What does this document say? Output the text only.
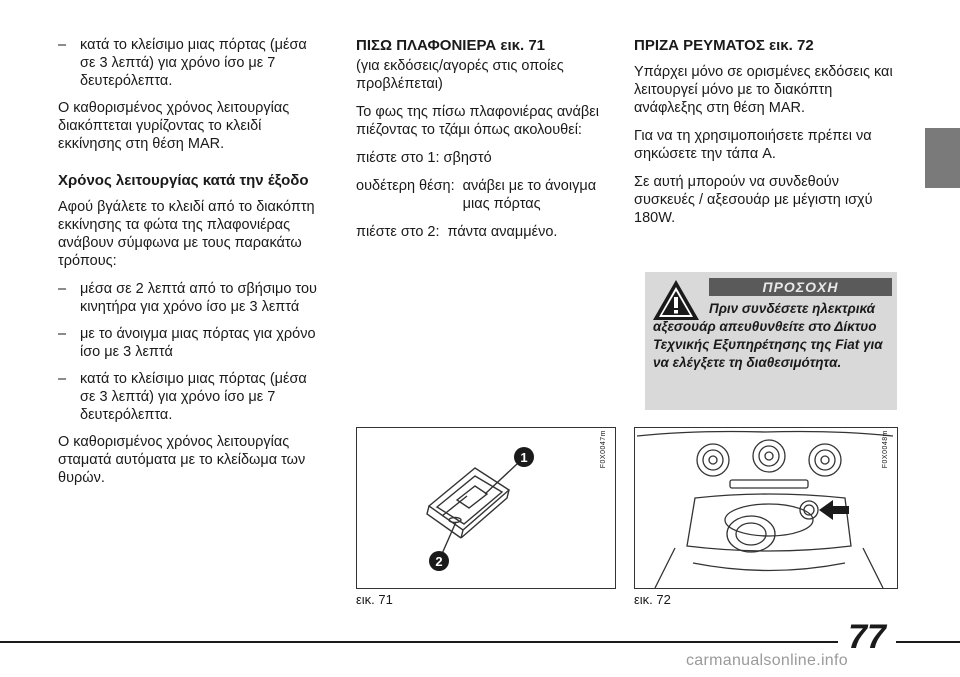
– κατά το κλείσιμο μιας πόρτας (μέσα σε 3 λεπτά) για χρόνο ίσο με 7 δευτερόλεπτα.

Ο καθορισμένος χρόνος λειτουργίας διακόπτεται γυρίζοντας το κλειδί εκκίνησης στη θέση MAR.

Χρόνος λειτουργίας κατά την έξοδο

Αφού βγάλετε το κλειδί από το διακόπτη εκκίνησης τα φώτα της πλαφονιέρας ανάβουν σύμφωνα με τους παρακάτω τρόπους:

– μέσα σε 2 λεπτά από το σβήσιμο του κινητήρα για χρόνο ίσο με 3 λεπτά
– με το άνοιγμα μιας πόρτας για χρόνο ίσο με 3 λεπτά
– κατά το κλείσιμο μιας πόρτας (μέσα σε 3 λεπτά) για χρόνο ίσο με 7 δευτερόλεπτα.

Ο καθορισμένος χρόνος λειτουργίας σταματά αυτόματα με το κλείδωμα των θυρών.

ΠΙΣΩ ΠΛΑΦΟΝΙΕΡΑ εικ. 71

(για εκδόσεις/αγορές στις οποίες προβλέπεται)

Το φως της πίσω πλαφονιέρας ανάβει πιέζοντας το τζάμι όπως ακολουθεί:

πιέστε στο 1: σβηστό

ουδέτερη θέση: ανάβει με το άνοιγμα μιας πόρτας
πιέστε στο 2: πάντα αναμμένο.
ΠΡΙΖΑ ΡΕΥΜΑΤΟΣ εικ. 72

Υπάρχει μόνο σε ορισμένες εκδόσεις και λειτουργεί μόνο με το διακόπτη ανάφλεξης στη θέση MAR.

Για να τη χρησιμοποιήσετε πρέπει να σηκώσετε την τάπα A.

Σε αυτή μπορούν να συνδεθούν συσκευές / αξεσουάρ με μέγιστη ισχύ 180W.

ΠΡΟΣΟΧΗ
Πριν συνδέσετε ηλεκτρικά αξεσουάρ απευθυνθείτε στο Δίκτυο Τεχνικής Εξυπηρέτησης της Fiat για να ελέγξετε τη διαθεσιμότητα.
F0X0047m
1
2
εικ. 71
F0X0048m
εικ. 72
77
carmanualsonline.info
